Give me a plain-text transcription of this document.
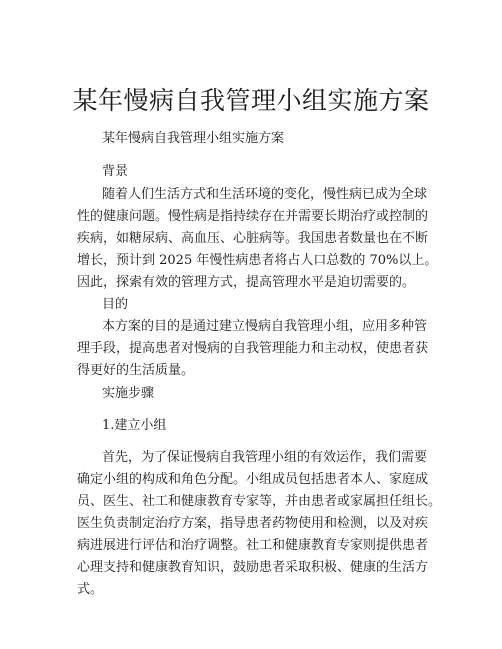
某年慢病自我管理小组实施方案

某年慢病自我管理小组实施方案

背景

随着人们生活方式和生活环境的变化，慢性病已成为全球
性的健康问题。慢性病是指持续存在并需要长期治疗或控制的
疾病，如糖尿病、高血压、心脏病等。我国患者数量也在不断
增长，预计到 2025 年慢性病患者将占人口总数的 70%以上。
因此，探索有效的管理方式，提高管理水平是迫切需要的。

目的

本方案的目的是通过建立慢病自我管理小组，应用多种管
理手段，提高患者对慢病的自我管理能力和主动权，使患者获
得更好的生活质量。

实施步骤

1.建立小组

首先，为了保证慢病自我管理小组的有效运作，我们需要
确定小组的构成和角色分配。小组成员包括患者本人、家庭成
员、医生、社工和健康教育专家等，并由患者或家属担任组长。
医生负责制定治疗方案，指导患者药物使用和检测，以及对疾
病进展进行评估和治疗调整。社工和健康教育专家则提供患者
心理支持和健康教育知识，鼓励患者采取积极、健康的生活方
式。
